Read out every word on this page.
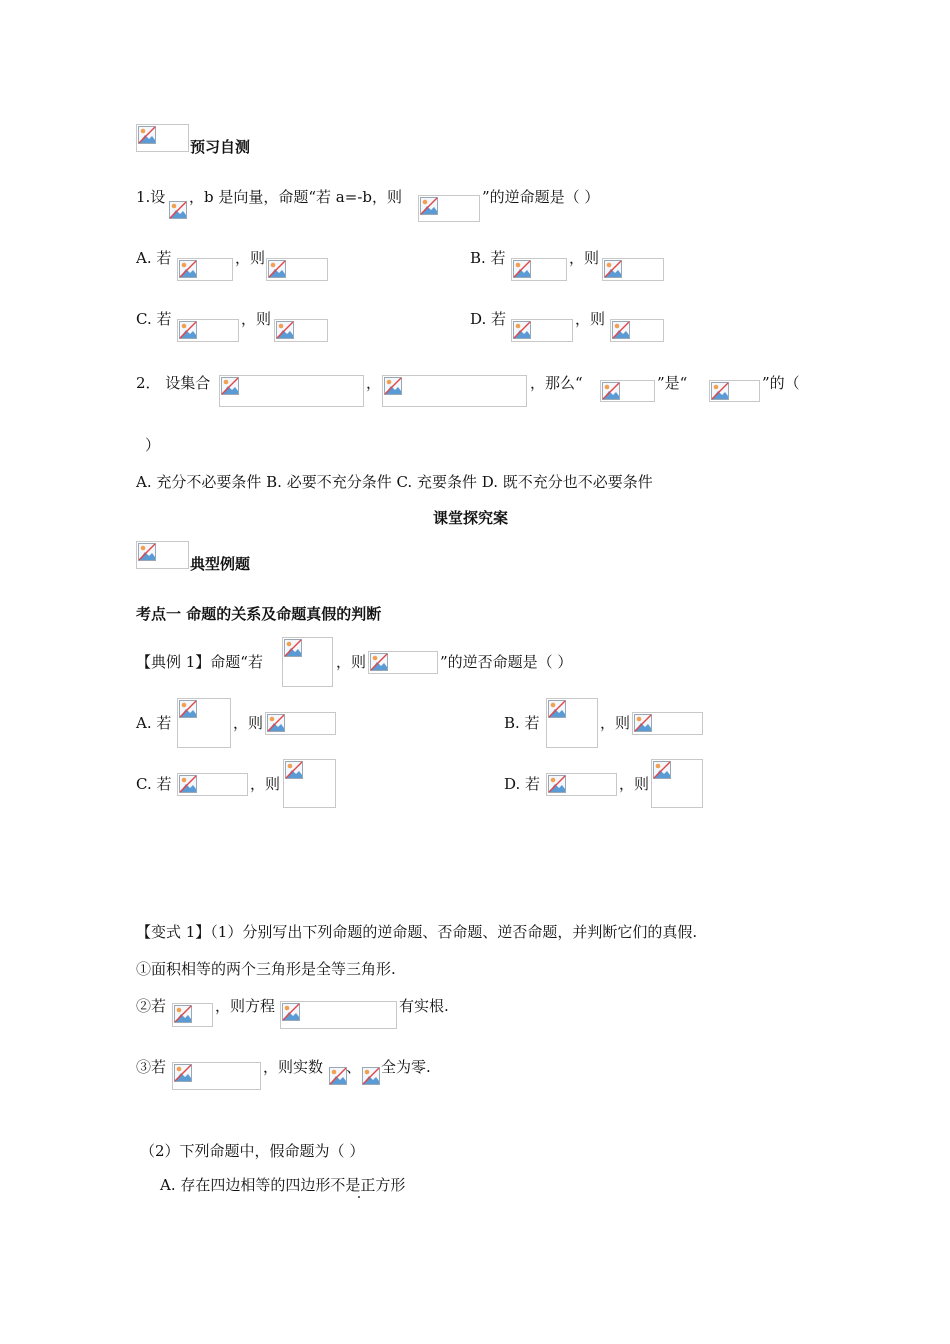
预习自测
1.设 ，b 是向量，命题“若 a=-b，则	”的逆命题是（ ）
A. 若	，则	B. 若	，则
C. 若	，则	D. 若	，则
2． 设集合	，	，那么“	”是“	”的（
）
A. 充分不必要条件 B. 必要不充分条件 C. 充要条件 D. 既不充分也不必要条件
课堂探究案
典型例题
考点一 命题的关系及命题真假的判断
【典例 1】命题“若	，则	”的逆否命题是（ ）
A. 若	，则	B. 若	，则
C. 若	，则	D. 若	，则
【变式 1】（1）分别写出下列命题的逆命题、否命题、逆否命题，并判断它们的真假.
①面积相等的两个三角形是全等三角形.
②若	，则方程	有实根.
③若	，则实数 、 全为零.
（2）下列命题中，假命题为（ ）
A. 存在四边相等的四边形不是正方形
